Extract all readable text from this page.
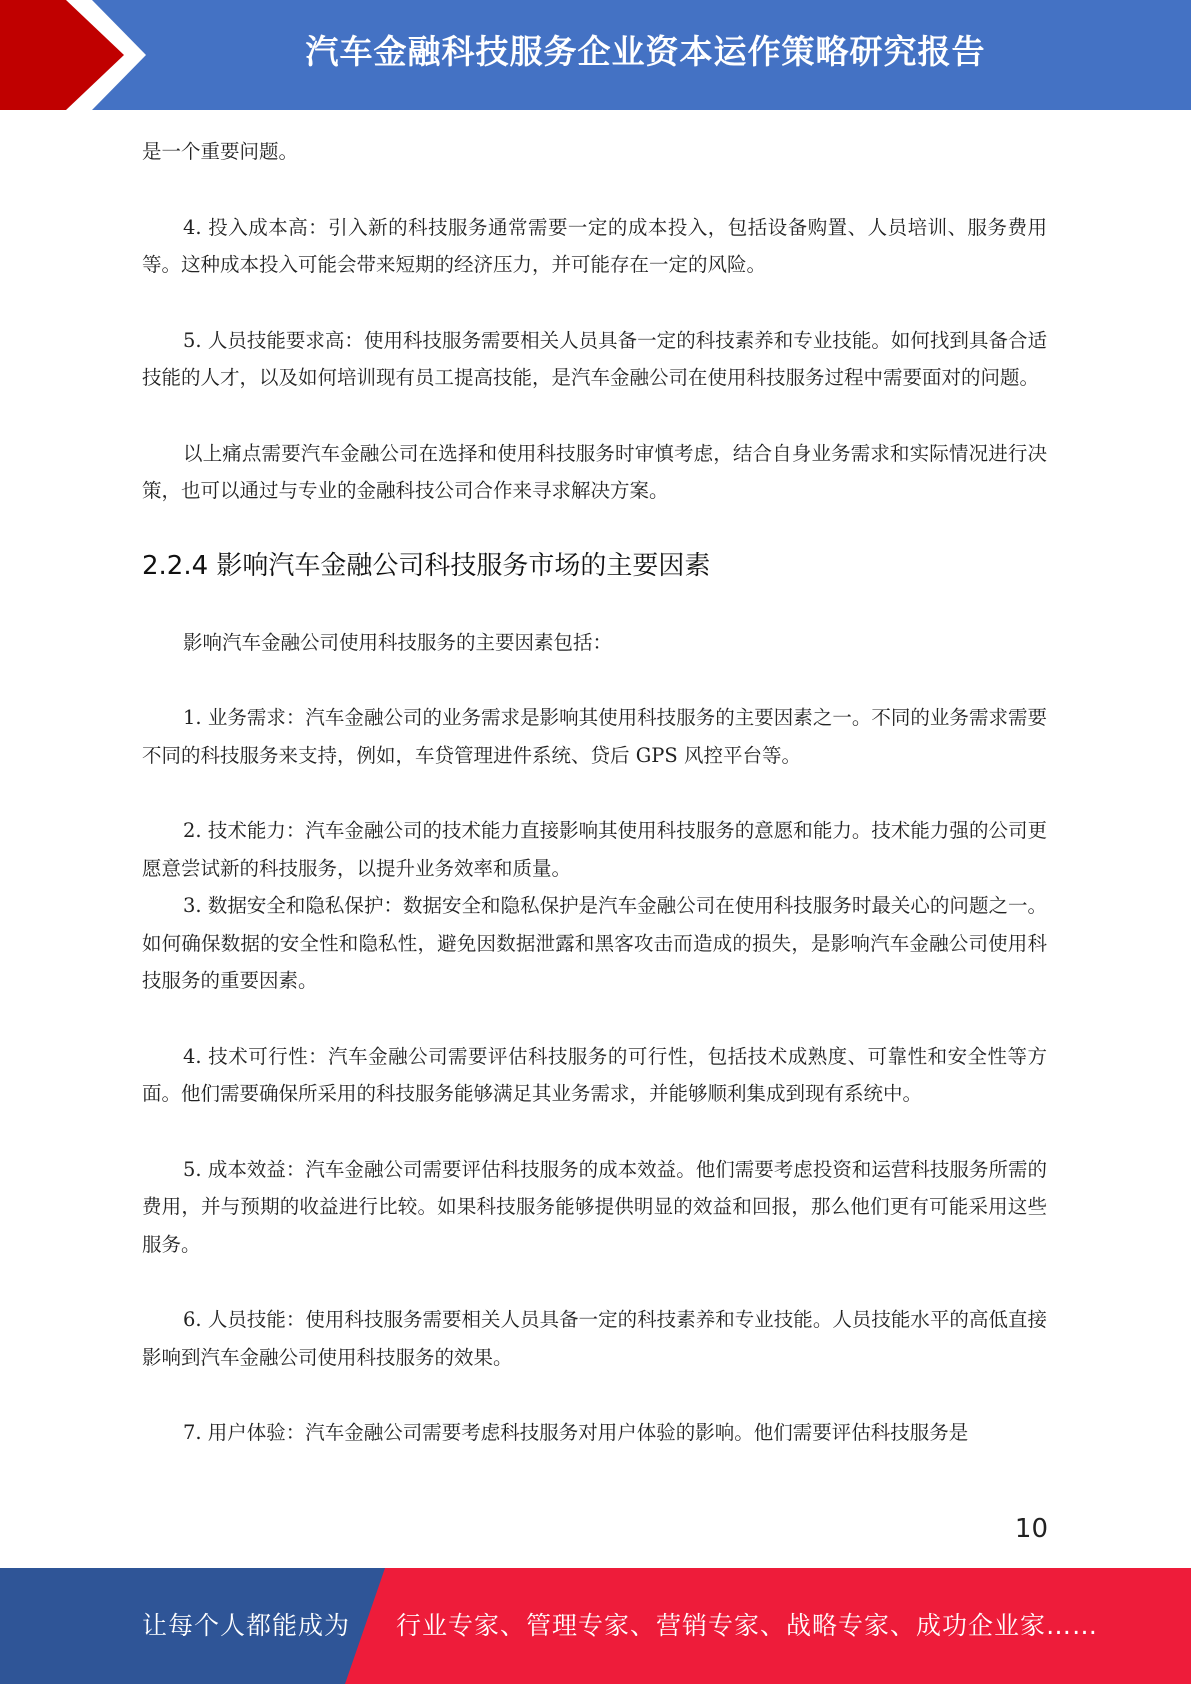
汽车金融科技服务企业资本运作策略研究报告

是一个重要问题。

4. 投入成本高：引入新的科技服务通常需要一定的成本投入，包括设备购置、人员培训、服务费用等。这种成本投入可能会带来短期的经济压力，并可能存在一定的风险。

5. 人员技能要求高：使用科技服务需要相关人员具备一定的科技素养和专业技能。如何找到具备合适技能的人才，以及如何培训现有员工提高技能，是汽车金融公司在使用科技服务过程中需要面对的问题。

以上痛点需要汽车金融公司在选择和使用科技服务时审慎考虑，结合自身业务需求和实际情况进行决策，也可以通过与专业的金融科技公司合作来寻求解决方案。

2.2.4 影响汽车金融公司科技服务市场的主要因素

影响汽车金融公司使用科技服务的主要因素包括：

1. 业务需求：汽车金融公司的业务需求是影响其使用科技服务的主要因素之一。不同的业务需求需要不同的科技服务来支持，例如，车贷管理进件系统、贷后 GPS 风控平台等。

2. 技术能力：汽车金融公司的技术能力直接影响其使用科技服务的意愿和能力。技术能力强的公司更愿意尝试新的科技服务，以提升业务效率和质量。

3. 数据安全和隐私保护：数据安全和隐私保护是汽车金融公司在使用科技服务时最关心的问题之一。如何确保数据的安全性和隐私性，避免因数据泄露和黑客攻击而造成的损失，是影响汽车金融公司使用科技服务的重要因素。

4. 技术可行性：汽车金融公司需要评估科技服务的可行性，包括技术成熟度、可靠性和安全性等方面。他们需要确保所采用的科技服务能够满足其业务需求，并能够顺利集成到现有系统中。

5. 成本效益：汽车金融公司需要评估科技服务的成本效益。他们需要考虑投资和运营科技服务所需的费用，并与预期的收益进行比较。如果科技服务能够提供明显的效益和回报，那么他们更有可能采用这些服务。

6. 人员技能：使用科技服务需要相关人员具备一定的科技素养和专业技能。人员技能水平的高低直接影响到汽车金融公司使用科技服务的效果。

7. 用户体验：汽车金融公司需要考虑科技服务对用户体验的影响。他们需要评估科技服务是

10
让每个人都能成为 行业专家、管理专家、营销专家、战略专家、成功企业家……
